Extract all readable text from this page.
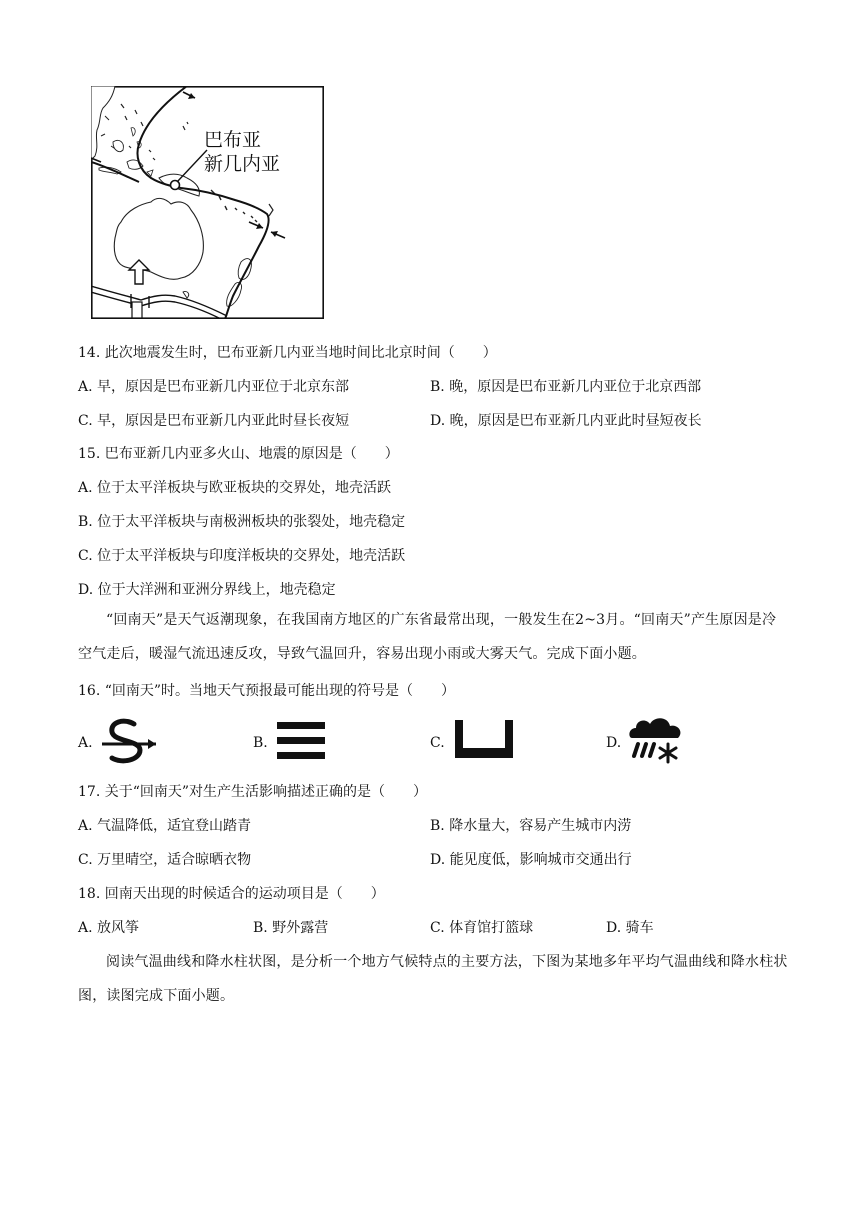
巴布亚
新几内亚
14. 此次地震发生时，巴布亚新几内亚当地时间比北京时间（　　）
A. 早，原因是巴布亚新几内亚位于北京东部	B. 晚，原因是巴布亚新几内亚位于北京西部
C. 早，原因是巴布亚新几内亚此时昼长夜短	D. 晚，原因是巴布亚新几内亚此时昼短夜长
15. 巴布亚新几内亚多火山、地震的原因是（　　）
A. 位于太平洋板块与欧亚板块的交界处，地壳活跃
B. 位于太平洋板块与南极洲板块的张裂处，地壳稳定
C. 位于太平洋板块与印度洋板块的交界处，地壳活跃
D. 位于大洋洲和亚洲分界线上，地壳稳定
“回南天”是天气返潮现象，在我国南方地区的广东省最常出现，一般发生在2~3月。“回南天”产生原因是冷空气走后，暖湿气流迅速反攻，导致气温回升，容易出现小雨或大雾天气。完成下面小题。
16. “回南天”时。当地天气预报最可能出现的符号是（　　）
A.	B.	C.	D.
17. 关于“回南天”对生产生活影响描述正确的是（　　）
A. 气温降低，适宜登山踏青	B. 降水量大，容易产生城市内涝
C. 万里晴空，适合晾晒衣物	D. 能见度低，影响城市交通出行
18. 回南天出现的时候适合的运动项目是（　　）
A. 放风筝	B. 野外露营	C. 体育馆打篮球	D. 骑车
阅读气温曲线和降水柱状图，是分析一个地方气候特点的主要方法，下图为某地多年平均气温曲线和降水柱状图，读图完成下面小题。
